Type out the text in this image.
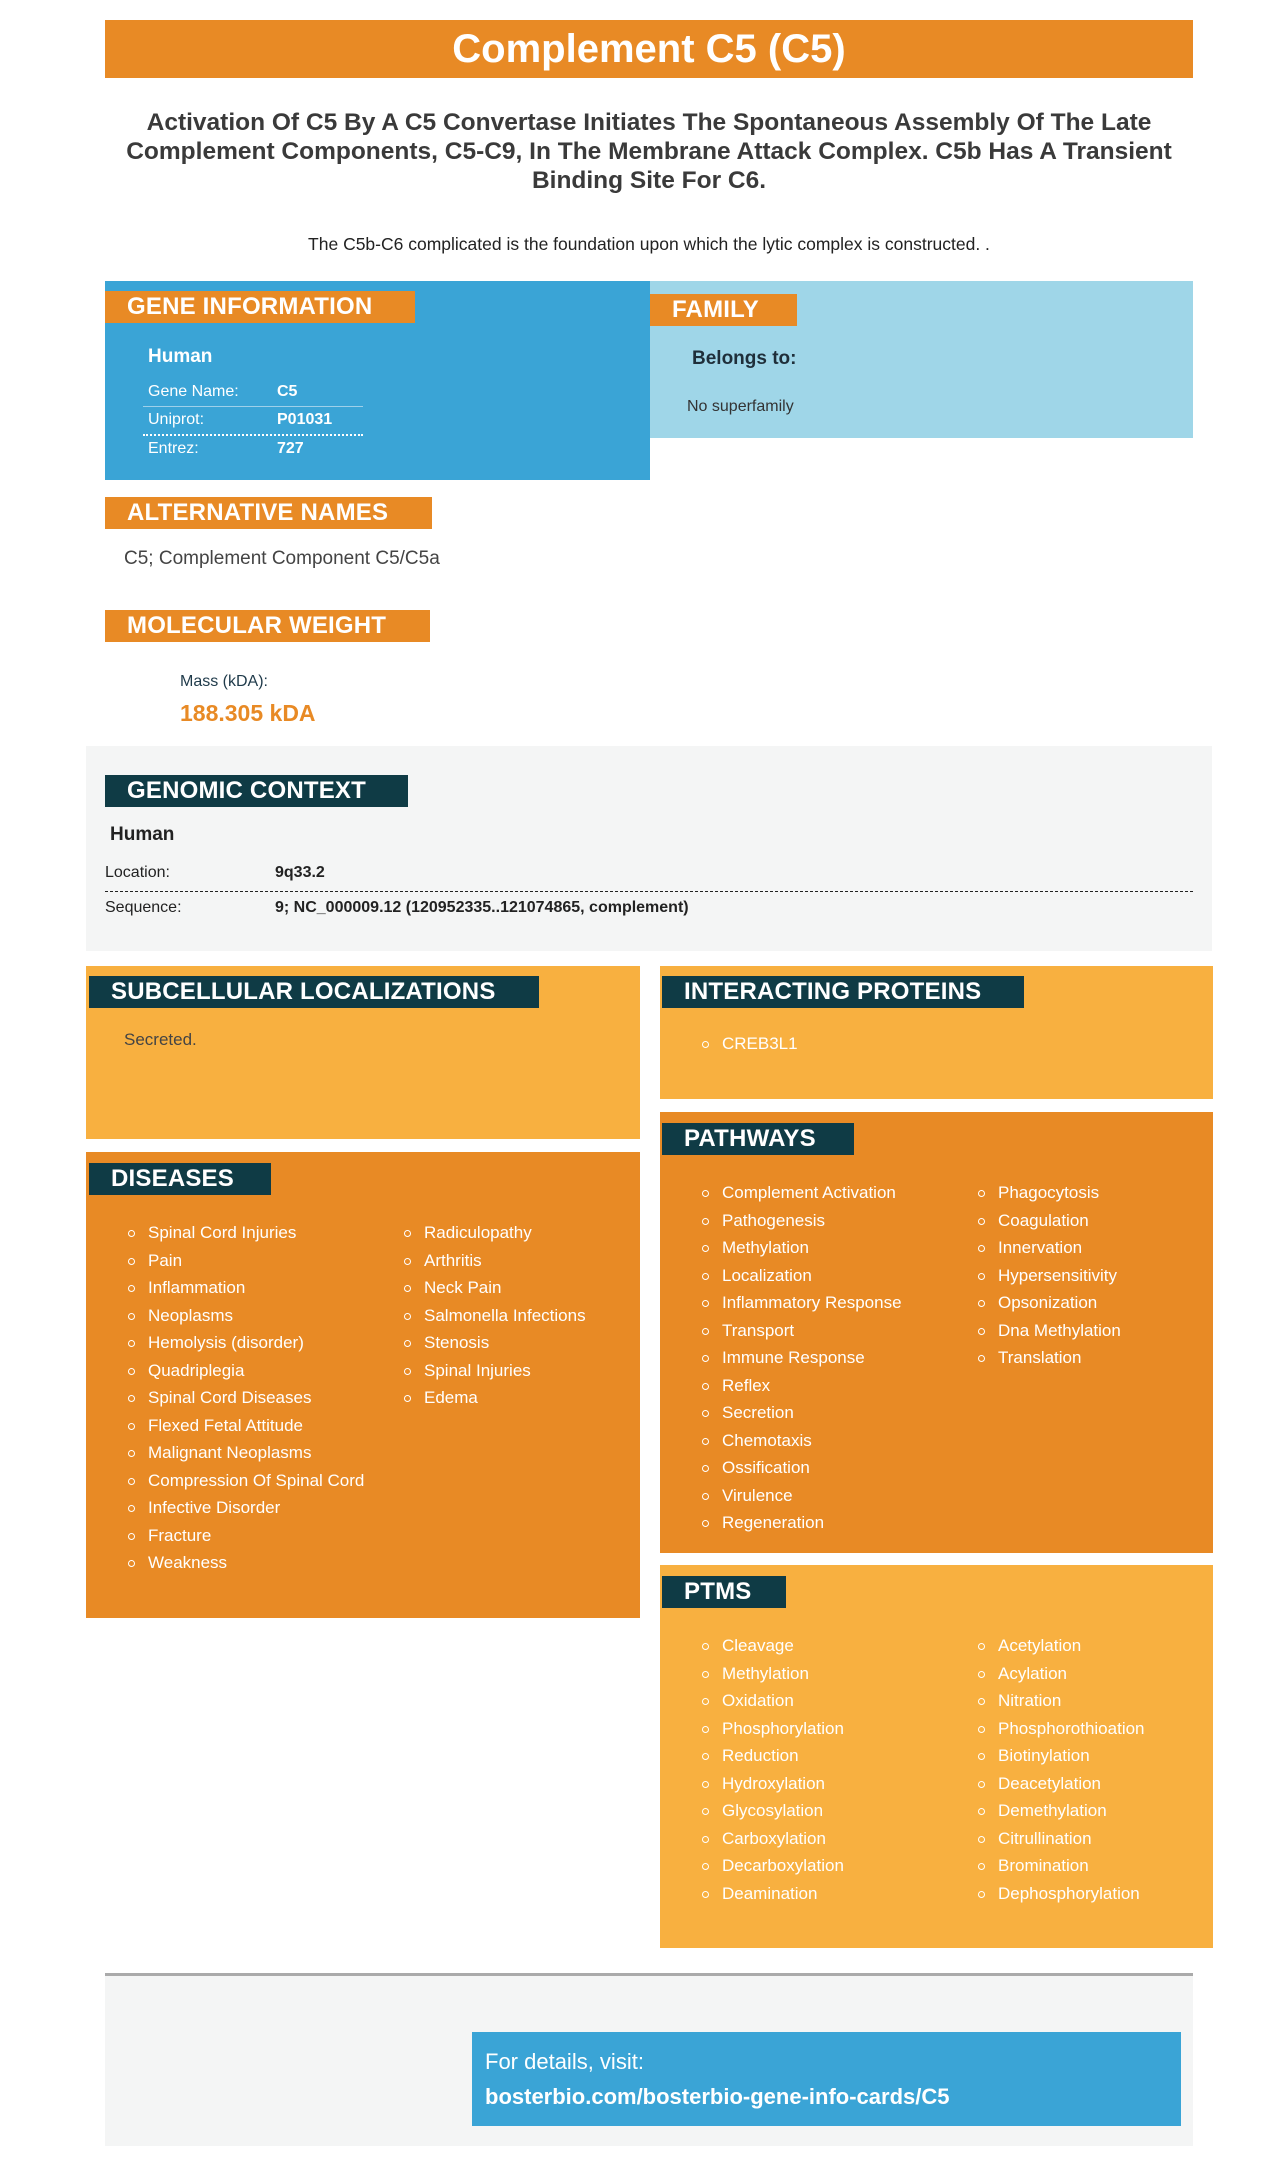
Complement C5 (C5)
Activation Of C5 By A C5 Convertase Initiates The Spontaneous Assembly Of The Late Complement Components, C5-C9, In The Membrane Attack Complex. C5b Has A Transient Binding Site For C6.
The C5b-C6 complicated is the foundation upon which the lytic complex is constructed. .
GENE INFORMATION
Human
Gene Name: C5
Uniprot:	P01031
Entrez:	727
FAMILY
Belongs to:
No superfamily
ALTERNATIVE NAMES
C5; Complement Component C5/C5a
MOLECULAR WEIGHT
Mass (kDA):
188.305 kDA
GENOMIC CONTEXT
Human
Location:	9q33.2
Sequence:	9; NC_000009.12 (120952335..121074865, complement)
SUBCELLULAR LOCALIZATIONS
Secreted.
INTERACTING PROTEINS
CREB3L1
DISEASES
Spinal Cord Injuries
Pain
Inflammation
Neoplasms
Hemolysis (disorder)
Quadriplegia
Spinal Cord Diseases
Flexed Fetal Attitude
Malignant Neoplasms
Compression Of Spinal Cord
Infective Disorder
Fracture
Weakness
Radiculopathy
Arthritis
Neck Pain
Salmonella Infections
Stenosis
Spinal Injuries
Edema
PATHWAYS
Complement Activation
Pathogenesis
Methylation
Localization
Inflammatory Response
Transport
Immune Response
Reflex
Secretion
Chemotaxis
Ossification
Virulence
Regeneration
Phagocytosis
Coagulation
Innervation
Hypersensitivity
Opsonization
Dna Methylation
Translation
PTMS
Cleavage
Methylation
Oxidation
Phosphorylation
Reduction
Hydroxylation
Glycosylation
Carboxylation
Decarboxylation
Deamination
Acetylation
Acylation
Nitration
Phosphorothioation
Biotinylation
Deacetylation
Demethylation
Citrullination
Bromination
Dephosphorylation
For details, visit:
bosterbio.com/bosterbio-gene-info-cards/C5
